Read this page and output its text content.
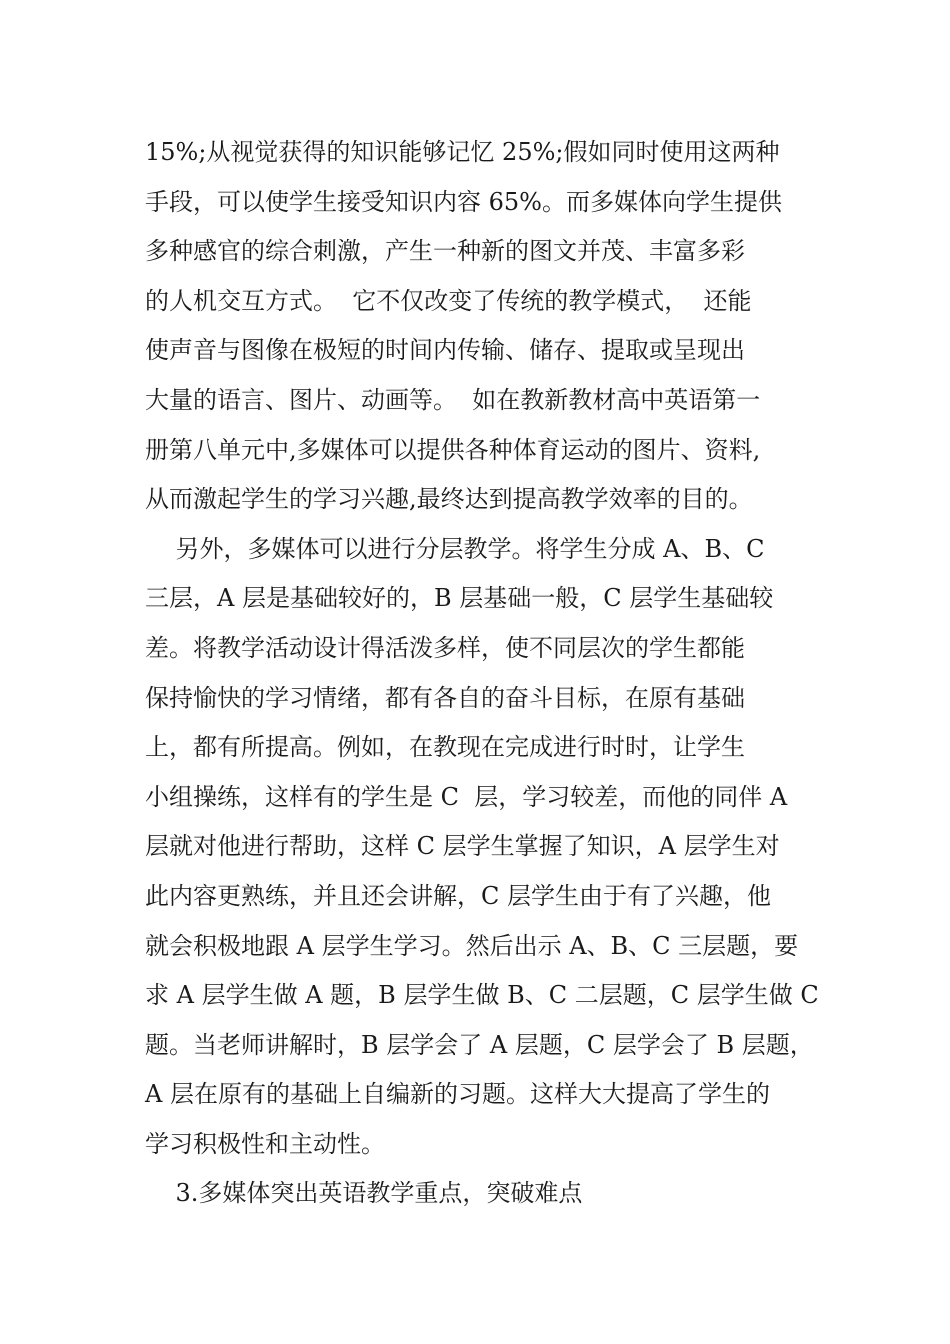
15%;从视觉获得的知识能够记忆 25%;假如同时使用这两种
手段，可以使学生接受知识内容 65%。而多媒体向学生提供
多种感官的综合刺激，产生一种新的图文并茂、丰富多彩
的人机交互方式。  它不仅改变了传统的教学模式，  还能
使声音与图像在极短的时间内传输、储存、提取或呈现出
大量的语言、图片、动画等。  如在教新教材高中英语第一
册第八单元中,多媒体可以提供各种体育运动的图片、资料,
从而激起学生的学习兴趣,最终达到提高教学效率的目的。
另外，多媒体可以进行分层教学。将学生分成 A、B、C
三层，A 层是基础较好的，B 层基础一般，C 层学生基础较
差。将教学活动设计得活泼多样，使不同层次的学生都能
保持愉快的学习情绪，都有各自的奋斗目标，在原有基础
上，都有所提高。例如，在教现在完成进行时时，让学生
小组操练，这样有的学生是 C  层，学习较差，而他的同伴 A
层就对他进行帮助，这样 C 层学生掌握了知识，A 层学生对
此内容更熟练，并且还会讲解，C 层学生由于有了兴趣，他
就会积极地跟 A 层学生学习。然后出示 A、B、C 三层题，要
求 A 层学生做 A 题，B 层学生做 B、C 二层题，C 层学生做 C
题。当老师讲解时，B 层学会了 A 层题，C 层学会了 B 层题，
A 层在原有的基础上自编新的习题。这样大大提高了学生的
学习积极性和主动性。
3.多媒体突出英语教学重点，突破难点
